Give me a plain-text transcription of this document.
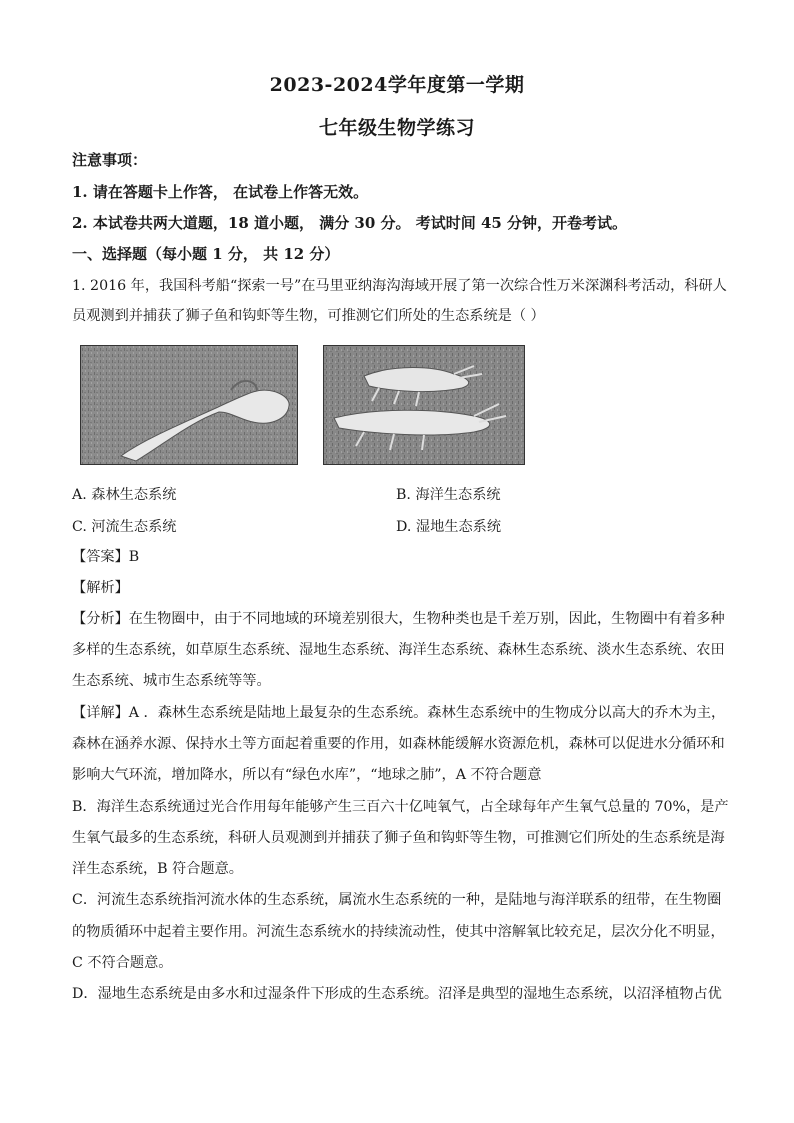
2023-2024学年度第一学期
七年级生物学练习
注意事项：
1. 请在答题卡上作答， 在试卷上作答无效。
2. 本试卷共两大道题，18 道小题， 满分 30 分。 考试时间 45 分钟，开卷考试。
一、选择题（每小题 1 分， 共 12 分）
1. 2016 年，我国科考船“探索一号”在马里亚纳海沟海域开展了第一次综合性万米深渊科考活动，科研人
员观测到并捕获了狮子鱼和钩虾等生物，可推测它们所处的生态系统是（ ）
A. 森林生态系统	B. 海洋生态系统
C. 河流生态系统	D. 湿地生态系统
【答案】B
【解析】
【分析】在生物圈中，由于不同地域的环境差别很大，生物种类也是千差万别，因此，生物圈中有着多种
多样的生态系统，如草原生态系统、湿地生态系统、海洋生态系统、森林生态系统、淡水生态系统、农田
生态系统、城市生态系统等等。
【详解】A ．森林生态系统是陆地上最复杂的生态系统。森林生态系统中的生物成分以高大的乔木为主，
森林在涵养水源、保持水土等方面起着重要的作用，如森林能缓解水资源危机，森林可以促进水分循环和
影响大气环流，增加降水，所以有“绿色水库”，“地球之肺”，A 不符合题意
B．海洋生态系统通过光合作用每年能够产生三百六十亿吨氧气，占全球每年产生氧气总量的 70%，是产
生氧气最多的生态系统，科研人员观测到并捕获了狮子鱼和钩虾等生物，可推测它们所处的生态系统是海
洋生态系统，B 符合题意。
C．河流生态系统指河流水体的生态系统，属流水生态系统的一种，是陆地与海洋联系的纽带，在生物圈
的物质循环中起着主要作用。河流生态系统水的持续流动性，使其中溶解氧比较充足，层次分化不明显，
C 不符合题意。
D．湿地生态系统是由多水和过湿条件下形成的生态系统。沼泽是典型的湿地生态系统，以沼泽植物占优
